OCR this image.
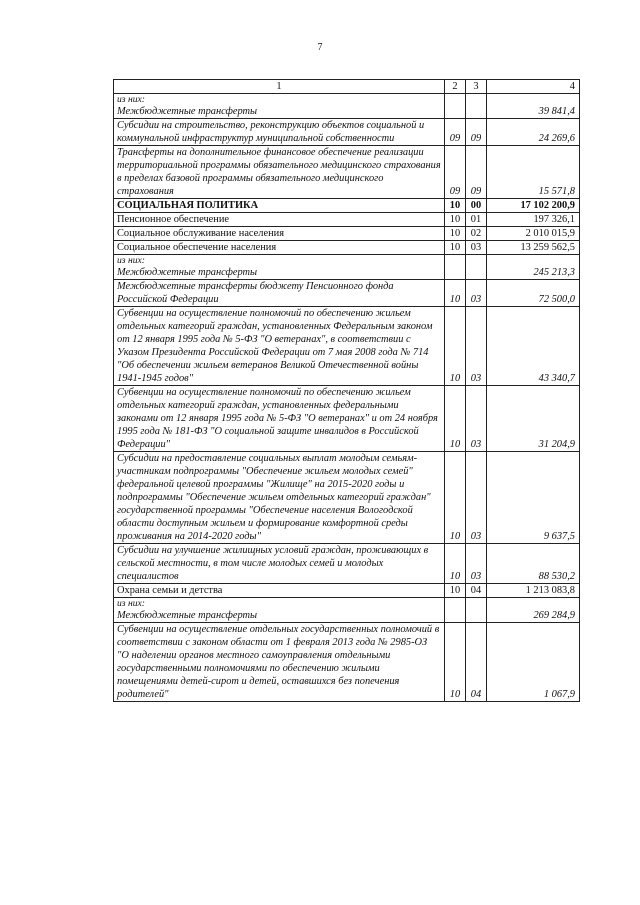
7
1	2	3	4

из них:
Межбюджетные трансферты			39 841,4

Субсидии на строительство, реконструкцию объектов социальной и коммунальной инфраструктур муниципальной собственности	09	09	24 269,6

Трансферты на дополнительное финансовое обеспечение реализации территориальной программы обязательного медицинского страхования в пределах базовой программы обязательного медицинского страхования	09	09	15 571,8

СОЦИАЛЬНАЯ ПОЛИТИКА	10	00	17 102 200,9

Пенсионное обеспечение	10	01	197 326,1

Социальное обслуживание населения	10	02	2 010 015,9

Социальное обеспечение населения	10	03	13 259 562,5

из них:
Межбюджетные трансферты			245 213,3

Межбюджетные трансферты бюджету Пенсионного фонда Российской Федерации	10	03	72 500,0

Субвенции на осуществление полномочий по обеспечению жильем отдельных категорий граждан, установленных Федеральным законом от 12 января 1995 года № 5-ФЗ "О ветеранах", в соответствии с Указом Президента Российской Федерации от 7 мая 2008 года № 714 "Об обеспечении жильем ветеранов Великой Отечественной войны 1941-1945 годов"	10	03	43 340,7

Субвенции на осуществление полномочий по обеспечению жильем отдельных категорий граждан, установленных федеральными законами от 12 января 1995 года № 5-ФЗ "О ветеранах" и от 24 ноября 1995 года № 181-ФЗ "О социальной защите инвалидов в Российской Федерации"	10	03	31 204,9

Субсидии на предоставление социальных выплат молодым семьям-участникам подпрограммы "Обеспечение жильем молодых семей" федеральной целевой программы "Жилище" на 2015-2020 годы и подпрограммы "Обеспечение жильем отдельных категорий граждан" государственной программы "Обеспечение населения Вологодской области доступным жильем и формирование комфортной среды проживания на 2014-2020 годы"	10	03	9 637,5

Субсидии на улучшение жилищных условий граждан, проживающих в сельской местности, в том числе молодых семей и молодых специалистов	10	03	88 530,2

Охрана семьи и детства	10	04	1 213 083,8

из них:
Межбюджетные трансферты			269 284,9

Субвенции на осуществление отдельных государственных полномочий в соответствии с законом области от 1 февраля 2013 года № 2985-ОЗ "О наделении органов местного самоуправления отдельными государственными полномочиями по обеспечению жилыми помещениями детей-сирот и детей, оставшихся без попечения родителей"	10	04	1 067,9
